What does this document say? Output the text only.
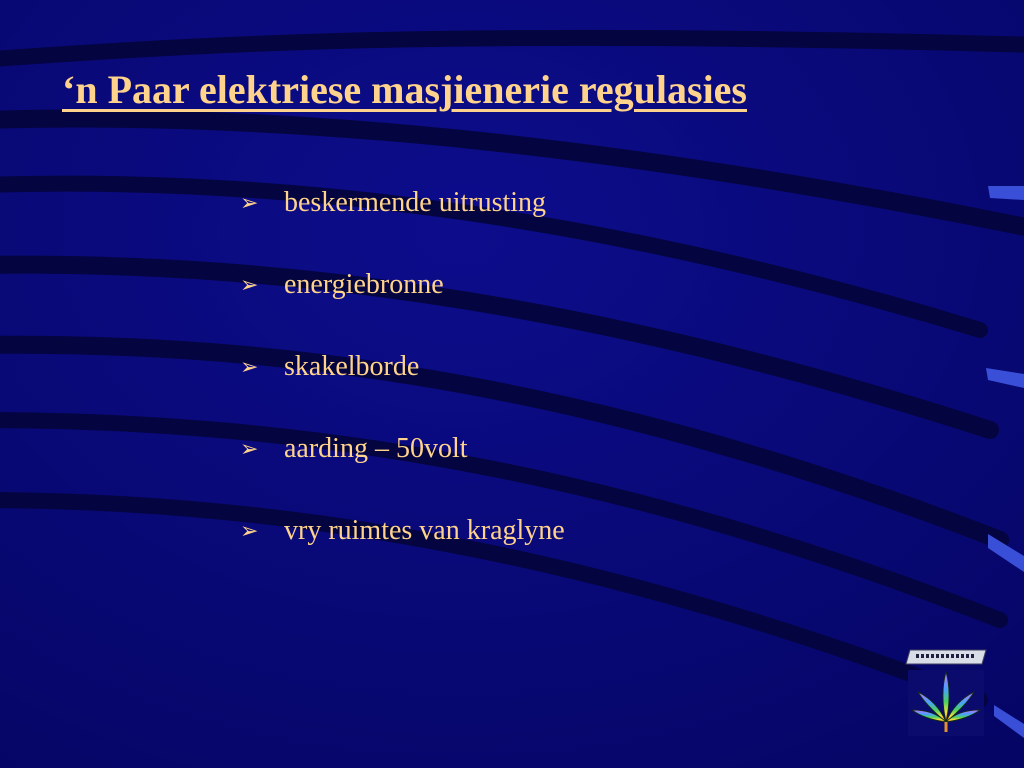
‘n Paar elektriese masjienerie regulasies
➢ beskermende uitrusting
➢ energiebronne
➢ skakelborde
➢ aarding – 50volt
➢ vry ruimtes van kraglyne
